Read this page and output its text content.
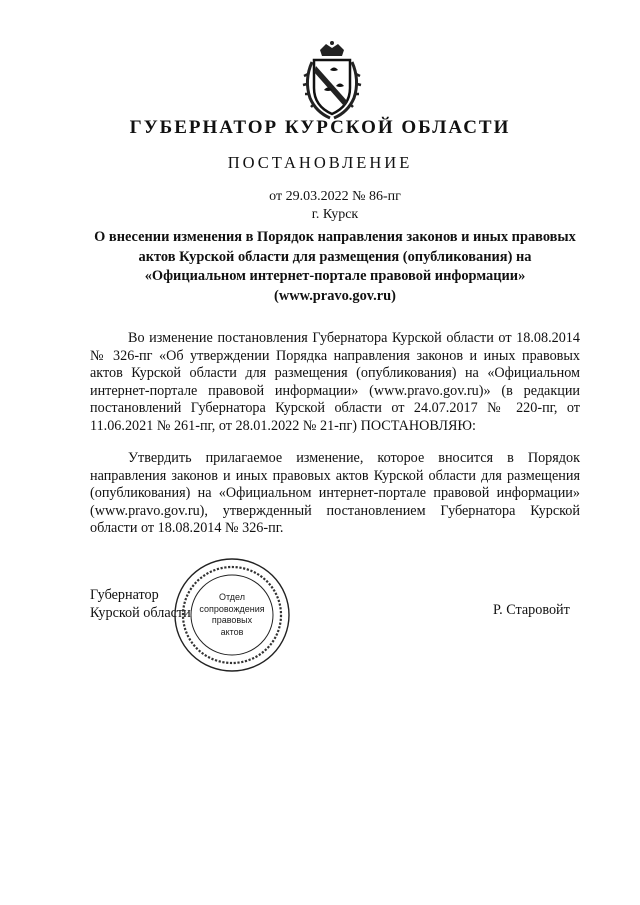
ГУБЕРНАТОР КУРСКОЙ ОБЛАСТИ
ПОСТАНОВЛЕНИЕ
от 29.03.2022 № 86-пг
г. Курск
О внесении изменения в Порядок направления законов и иных правовых актов Курской области для размещения (опубликования) на «Официальном интернет-портале правовой информации» (www.pravo.gov.ru)
Во изменение постановления Губернатора Курской области от 18.08.2014 № 326-пг «Об утверждении Порядка направления законов и иных правовых актов Курской области для размещения (опубликования) на «Официальном интернет-портале правовой информации» (www.pravo.gov.ru)» (в редакции постановлений Губернатора Курской области от 24.07.2017 № 220-пг, от 11.06.2021 № 261-пг, от 28.01.2022 № 21-пг) ПОСТАНОВЛЯЮ:
Утвердить прилагаемое изменение, которое вносится в Порядок направления законов и иных правовых актов Курской области для размещения (опубликования) на «Официальном интернет-портале правовой информации» (www.pravo.gov.ru), утвержденный постановлением Губернатора Курской области от 18.08.2014 № 326-пг.
Губернатор
Курской области	Р. Старовойт
Отдел
сопровождения
правовых
актов
